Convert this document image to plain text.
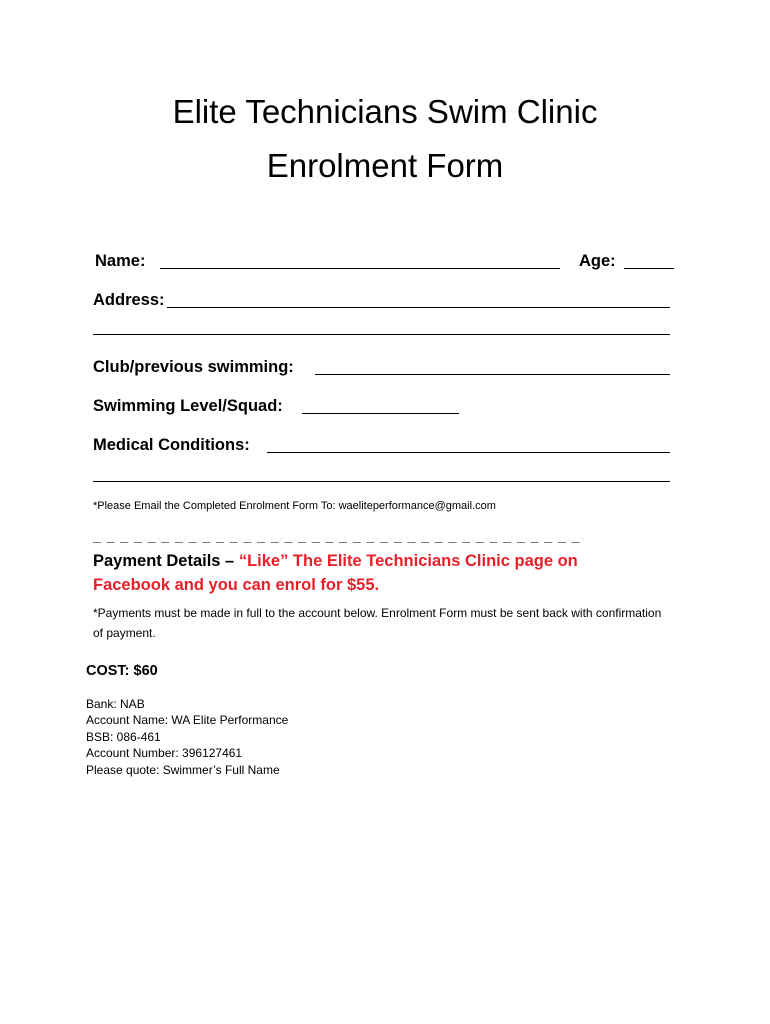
Elite Technicians Swim Clinic
Enrolment Form
Name:	Age:
Address:
Club/previous swimming:
Swimming Level/Squad:
Medical Conditions:
*Please Email the Completed Enrolment Form To: waeliteperformance@gmail.com
_ _ _ _ _ _ _ _ _ _ _ _ _ _ _ _ _ _ _ _ _ _ _ _ _ _ _ _ _ _ _ _ _ _ _ _
Payment Details – “Like” The Elite Technicians Clinic page on Facebook and you can enrol for $55.
*Payments must be made in full to the account below. Enrolment Form must be sent back with confirmation of payment.
COST: $60
Bank: NAB
Account Name: WA Elite Performance
BSB: 086-461
Account Number: 396127461
Please quote: Swimmer’s Full Name
